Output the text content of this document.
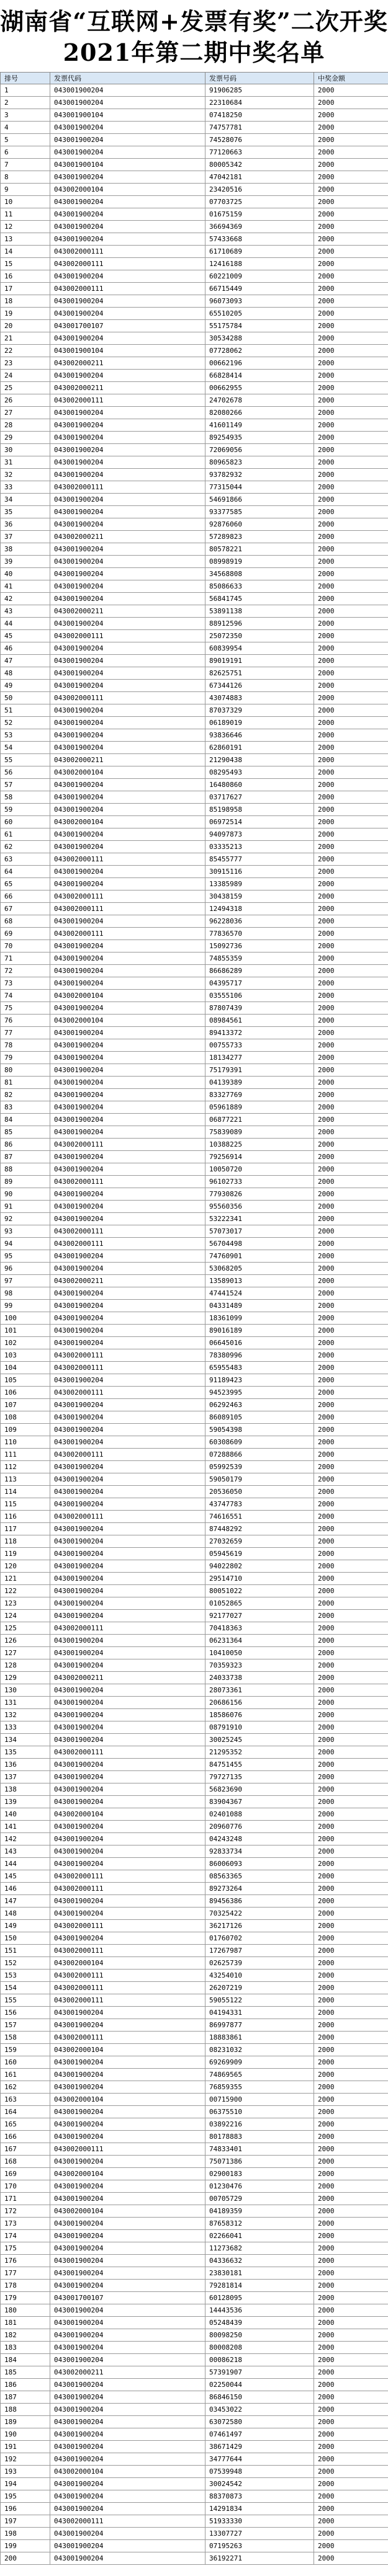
湖南省“互联网+发票有奖”二次开奖
2021年第二期中奖名单
排号	发票代码	发票号码	中奖金额
1	043001900204	91906285	2000
2	043001900204	22310684	2000
3	043001900104	07418250	2000
4	043001900204	74757781	2000
5	043001900204	74528076	2000
6	043001900204	77120663	2000
7	043001900104	80005342	2000
8	043001900204	47042181	2000
9	043002000104	23420516	2000
10	043001900204	07703725	2000
11	043001900204	01675159	2000
12	043001900204	36694369	2000
13	043001900204	57433668	2000
14	043002000111	61710689	2000
15	043002000111	12416188	2000
16	043001900204	60221009	2000
17	043002000111	66715449	2000
18	043001900204	96073093	2000
19	043001900204	65510205	2000
20	043001700107	55175784	2000
21	043001900204	30534288	2000
22	043001900104	07728062	2000
23	043002000211	00662196	2000
24	043001900204	66828414	2000
25	043002000211	00662955	2000
26	043002000111	24702678	2000
27	043001900204	82080266	2000
28	043001900204	41601149	2000
29	043001900204	89254935	2000
30	043001900204	72069056	2000
31	043001900204	80965823	2000
32	043001900204	93782932	2000
33	043002000111	77315044	2000
34	043001900204	54691866	2000
35	043001900204	93377585	2000
36	043001900204	92876060	2000
37	043002000211	57289823	2000
38	043001900204	80578221	2000
39	043001900204	08998919	2000
40	043001900204	34568808	2000
41	043001900204	85086633	2000
42	043001900204	56841745	2000
43	043002000211	53891138	2000
44	043001900204	88912596	2000
45	043002000111	25072350	2000
46	043001900204	60839954	2000
47	043001900204	89019191	2000
48	043001900204	82625751	2000
49	043001900204	67344126	2000
50	043002000111	43074883	2000
51	043001900204	87037329	2000
52	043001900204	06189019	2000
53	043001900204	93836646	2000
54	043001900204	62860191	2000
55	043002000211	21290438	2000
56	043002000104	08295493	2000
57	043001900204	16480860	2000
58	043001900204	03717627	2000
59	043001900204	85198958	2000
60	043002000104	06972514	2000
61	043001900204	94097873	2000
62	043001900204	03335213	2000
63	043002000111	85455777	2000
64	043001900204	30915116	2000
65	043001900204	13385989	2000
66	043002000111	30438159	2000
67	043002000111	12494318	2000
68	043001900204	96228036	2000
69	043002000111	77836570	2000
70	043001900204	15092736	2000
71	043001900204	74855359	2000
72	043001900204	86686289	2000
73	043001900204	04395717	2000
74	043002000104	03555106	2000
75	043001900204	87807439	2000
76	043002000104	08984561	2000
77	043001900204	89413372	2000
78	043001900204	00755733	2000
79	043001900204	18134277	2000
80	043001900204	75179391	2000
81	043001900204	04139389	2000
82	043001900204	83327769	2000
83	043001900204	05961889	2000
84	043001900204	06877221	2000
85	043001900204	75839089	2000
86	043002000111	10388225	2000
87	043001900204	79256914	2000
88	043001900204	10050720	2000
89	043002000111	96102733	2000
90	043001900204	77930826	2000
91	043001900204	95560356	2000
92	043001900204	53222341	2000
93	043002000111	57073017	2000
94	043002000111	56704498	2000
95	043001900204	74760901	2000
96	043001900204	53068205	2000
97	043002000211	13589013	2000
98	043001900204	47441524	2000
99	043001900204	04331489	2000
100	043001900204	18361099	2000
101	043001900204	89016189	2000
102	043001900204	06645016	2000
103	043002000111	78380996	2000
104	043002000111	65955483	2000
105	043001900204	91189423	2000
106	043002000111	94523995	2000
107	043001900204	06292463	2000
108	043001900204	86089105	2000
109	043001900204	59054398	2000
110	043001900204	60308609	2000
111	043002000111	07288866	2000
112	043001900204	05992539	2000
113	043001900204	59050179	2000
114	043001900204	20536050	2000
115	043001900204	43747783	2000
116	043002000111	74616551	2000
117	043001900204	87448292	2000
118	043001900204	27032659	2000
119	043001900204	05945619	2000
120	043001900204	94022802	2000
121	043001900204	29514710	2000
122	043001900204	80051022	2000
123	043001900204	01052865	2000
124	043001900204	92177027	2000
125	043002000111	70418363	2000
126	043001900204	06231364	2000
127	043001900204	10410050	2000
128	043001900204	70359323	2000
129	043002000211	24033738	2000
130	043001900204	28073361	2000
131	043001900204	20686156	2000
132	043001900204	18586076	2000
133	043001900204	08791910	2000
134	043001900204	30025245	2000
135	043002000111	21295352	2000
136	043001900204	84751455	2000
137	043001900204	79727135	2000
138	043001900204	56823690	2000
139	043001900204	83904367	2000
140	043002000104	02401088	2000
141	043001900204	20960776	2000
142	043001900204	04243248	2000
143	043001900204	92833734	2000
144	043001900204	86006093	2000
145	043002000111	08563365	2000
146	043002000111	89273264	2000
147	043001900204	89456386	2000
148	043001900204	70325422	2000
149	043002000111	36217126	2000
150	043001900204	01760702	2000
151	043002000111	17267987	2000
152	043002000104	02625739	2000
153	043002000111	43254010	2000
154	043002000111	26207219	2000
155	043002000111	59055122	2000
156	043001900204	04194331	2000
157	043001900204	86997877	2000
158	043002000111	18883861	2000
159	043002000104	08231032	2000
160	043001900204	69269909	2000
161	043001900204	74869565	2000
162	043001900204	76859355	2000
163	043002000104	00715900	2000
164	043001900204	06375510	2000
165	043001900204	03892216	2000
166	043001900204	80178883	2000
167	043002000111	74833401	2000
168	043001900204	75071386	2000
169	043002000104	02900183	2000
170	043001900204	01230476	2000
171	043001900204	00705729	2000
172	043002000104	04189359	2000
173	043001900204	87658312	2000
174	043001900204	02266041	2000
175	043001900204	11273682	2000
176	043001900204	04336632	2000
177	043001900204	23830181	2000
178	043001900204	79281814	2000
179	043001700107	60128095	2000
180	043001900204	14443536	2000
181	043001900204	05248439	2000
182	043001900204	80098250	2000
183	043001900204	80008208	2000
184	043001900204	00086218	2000
185	043002000211	57391907	2000
186	043001900204	02250044	2000
187	043001900204	86846150	2000
188	043001900204	03453022	2000
189	043001900204	63072580	2000
190	043001900204	07461497	2000
191	043001900204	38671429	2000
192	043001900204	34777644	2000
193	043002000104	07539948	2000
194	043001900204	30024542	2000
195	043001900204	88370873	2000
196	043001900204	14291834	2000
197	043002000111	51933330	2000
198	043001900204	13307727	2000
199	043001900204	07195263	2000
200	043001900204	36192271	2000
